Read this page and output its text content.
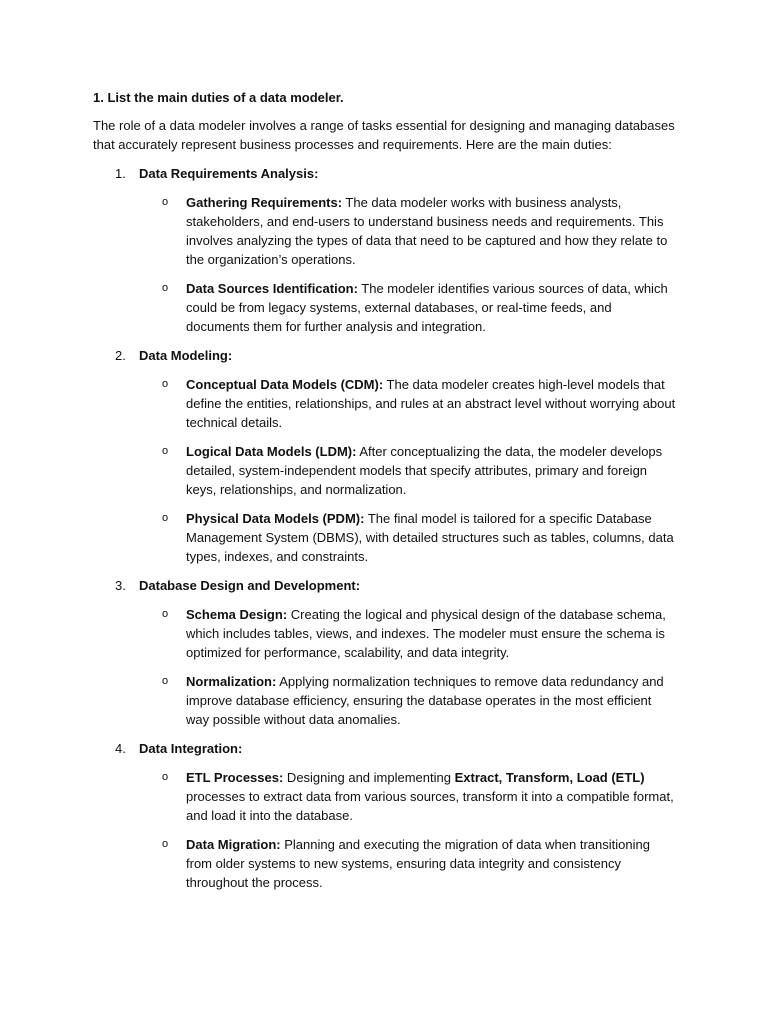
1. List the main duties of a data modeler.

The role of a data modeler involves a range of tasks essential for designing and managing databases that accurately represent business processes and requirements. Here are the main duties:

1.	Data Requirements Analysis:
o	Gathering Requirements: The data modeler works with business analysts, stakeholders, and end-users to understand business needs and requirements. This involves analyzing the types of data that need to be captured and how they relate to the organization’s operations.
o	Data Sources Identification: The modeler identifies various sources of data, which could be from legacy systems, external databases, or real-time feeds, and documents them for further analysis and integration.
2.	Data Modeling:
o	Conceptual Data Models (CDM): The data modeler creates high-level models that define the entities, relationships, and rules at an abstract level without worrying about technical details.
o	Logical Data Models (LDM): After conceptualizing the data, the modeler develops detailed, system-independent models that specify attributes, primary and foreign keys, relationships, and normalization.
o	Physical Data Models (PDM): The final model is tailored for a specific Database Management System (DBMS), with detailed structures such as tables, columns, data types, indexes, and constraints.
3.	Database Design and Development:
o	Schema Design: Creating the logical and physical design of the database schema, which includes tables, views, and indexes. The modeler must ensure the schema is optimized for performance, scalability, and data integrity.
o	Normalization: Applying normalization techniques to remove data redundancy and improve database efficiency, ensuring the database operates in the most efficient way possible without data anomalies.
4.	Data Integration:
o	ETL Processes: Designing and implementing Extract, Transform, Load (ETL) processes to extract data from various sources, transform it into a compatible format, and load it into the database.
o	Data Migration: Planning and executing the migration of data when transitioning from older systems to new systems, ensuring data integrity and consistency throughout the process.
